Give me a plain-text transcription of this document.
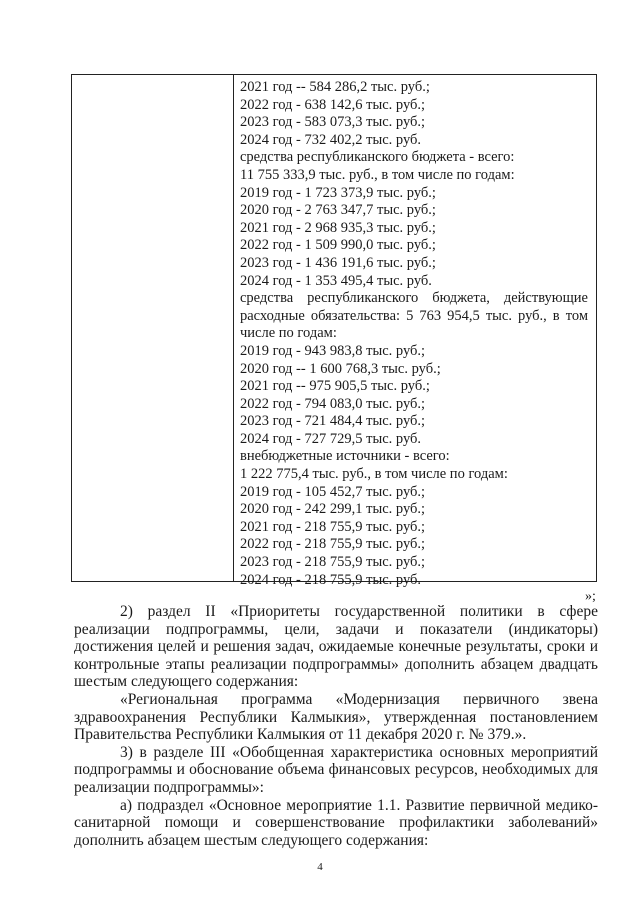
2021 год -- 584 286,2 тыс. руб.;
2022 год - 638 142,6 тыс. руб.;
2023 год - 583 073,3 тыс. руб.;
2024 год - 732 402,2 тыс. руб.
средства республиканского бюджета - всего:
11 755 333,9 тыс. руб., в том числе по годам:
2019 год - 1 723 373,9 тыс. руб.;
2020 год - 2 763 347,7 тыс. руб.;
2021 год - 2 968 935,3 тыс. руб.;
2022 год - 1 509 990,0 тыс. руб.;
2023 год - 1 436 191,6 тыс. руб.;
2024 год - 1 353 495,4 тыс. руб.
средства республиканского бюджета, действующие расходные обязательства: 5 763 954,5 тыс. руб., в том числе по годам:
2019 год - 943 983,8 тыс. руб.;
2020 год -- 1 600 768,3 тыс. руб.;
2021 год -- 975 905,5 тыс. руб.;
2022 год - 794 083,0 тыс. руб.;
2023 год - 721 484,4 тыс. руб.;
2024 год - 727 729,5 тыс. руб.
внебюджетные источники - всего:
1 222 775,4 тыс. руб., в том числе по годам:
2019 год - 105 452,7 тыс. руб.;
2020 год - 242 299,1 тыс. руб.;
2021 год - 218 755,9 тыс. руб.;
2022 год - 218 755,9 тыс. руб.;
2023 год - 218 755,9 тыс. руб.;
2024 год - 218 755,9 тыс. руб.
»;

2) раздел II «Приоритеты государственной политики в сфере реализации подпрограммы, цели, задачи и показатели (индикаторы) достижения целей и решения задач, ожидаемые конечные результаты, сроки и контрольные этапы реализации подпрограммы» дополнить абзацем двадцать шестым следующего содержания:

«Региональная программа «Модернизация первичного звена здравоохранения Республики Калмыкия», утвержденная постановлением Правительства Республики Калмыкия от 11 декабря 2020 г. № 379.».

3) в разделе III «Обобщенная характеристика основных мероприятий подпрограммы и обоснование объема финансовых ресурсов, необходимых для реализации подпрограммы»:

а) подраздел «Основное мероприятие 1.1. Развитие первичной медико-санитарной помощи и совершенствование профилактики заболеваний» дополнить абзацем шестым следующего содержания:

4
